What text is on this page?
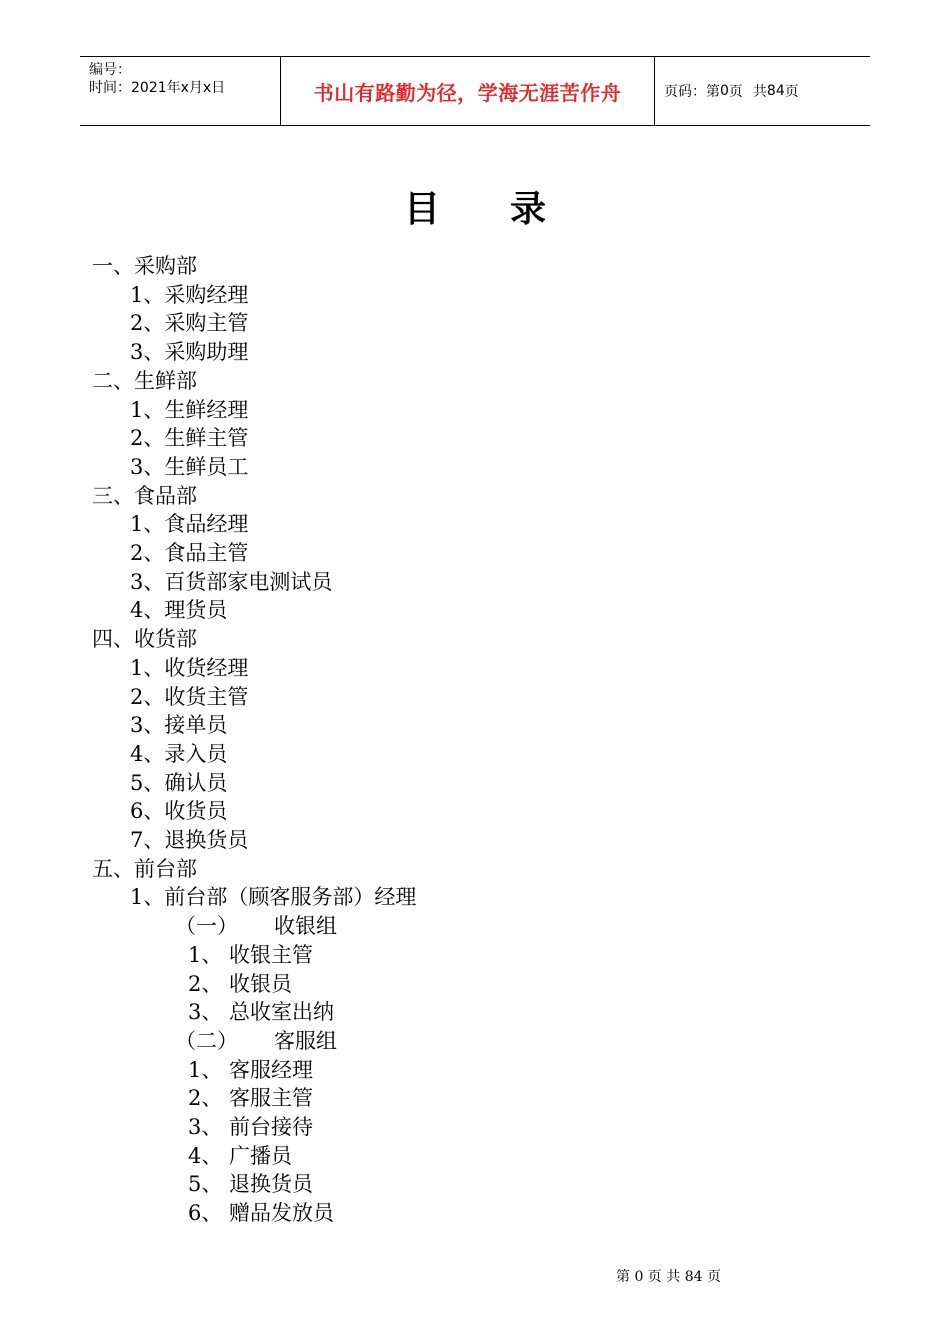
编号：
时间：2021年x月x日	书山有路勤为径，学海无涯苦作舟	页码：第 0 页 共 84 页
目 录
一、采购部
1、采购经理
2、采购主管
3、采购助理
二、生鲜部
1、生鲜经理
2、生鲜主管
3、生鲜员工
三、食品部
1、食品经理
2、食品主管
3、百货部家电测试员
4、理货员
四、收货部
1、收货经理
2、收货主管
3、接单员
4、录入员
5、确认员
6、收货员
7、退换货员
五、前台部
1、前台部（顾客服务部）经理
（一） 收银组
1、 收银主管
2、 收银员
3、 总收室出纳
（二） 客服组
1、 客服经理
2、 客服主管
3、 前台接待
4、 广播员
5、 退换货员
6、 赠品发放员
第 0 页 共 84 页
